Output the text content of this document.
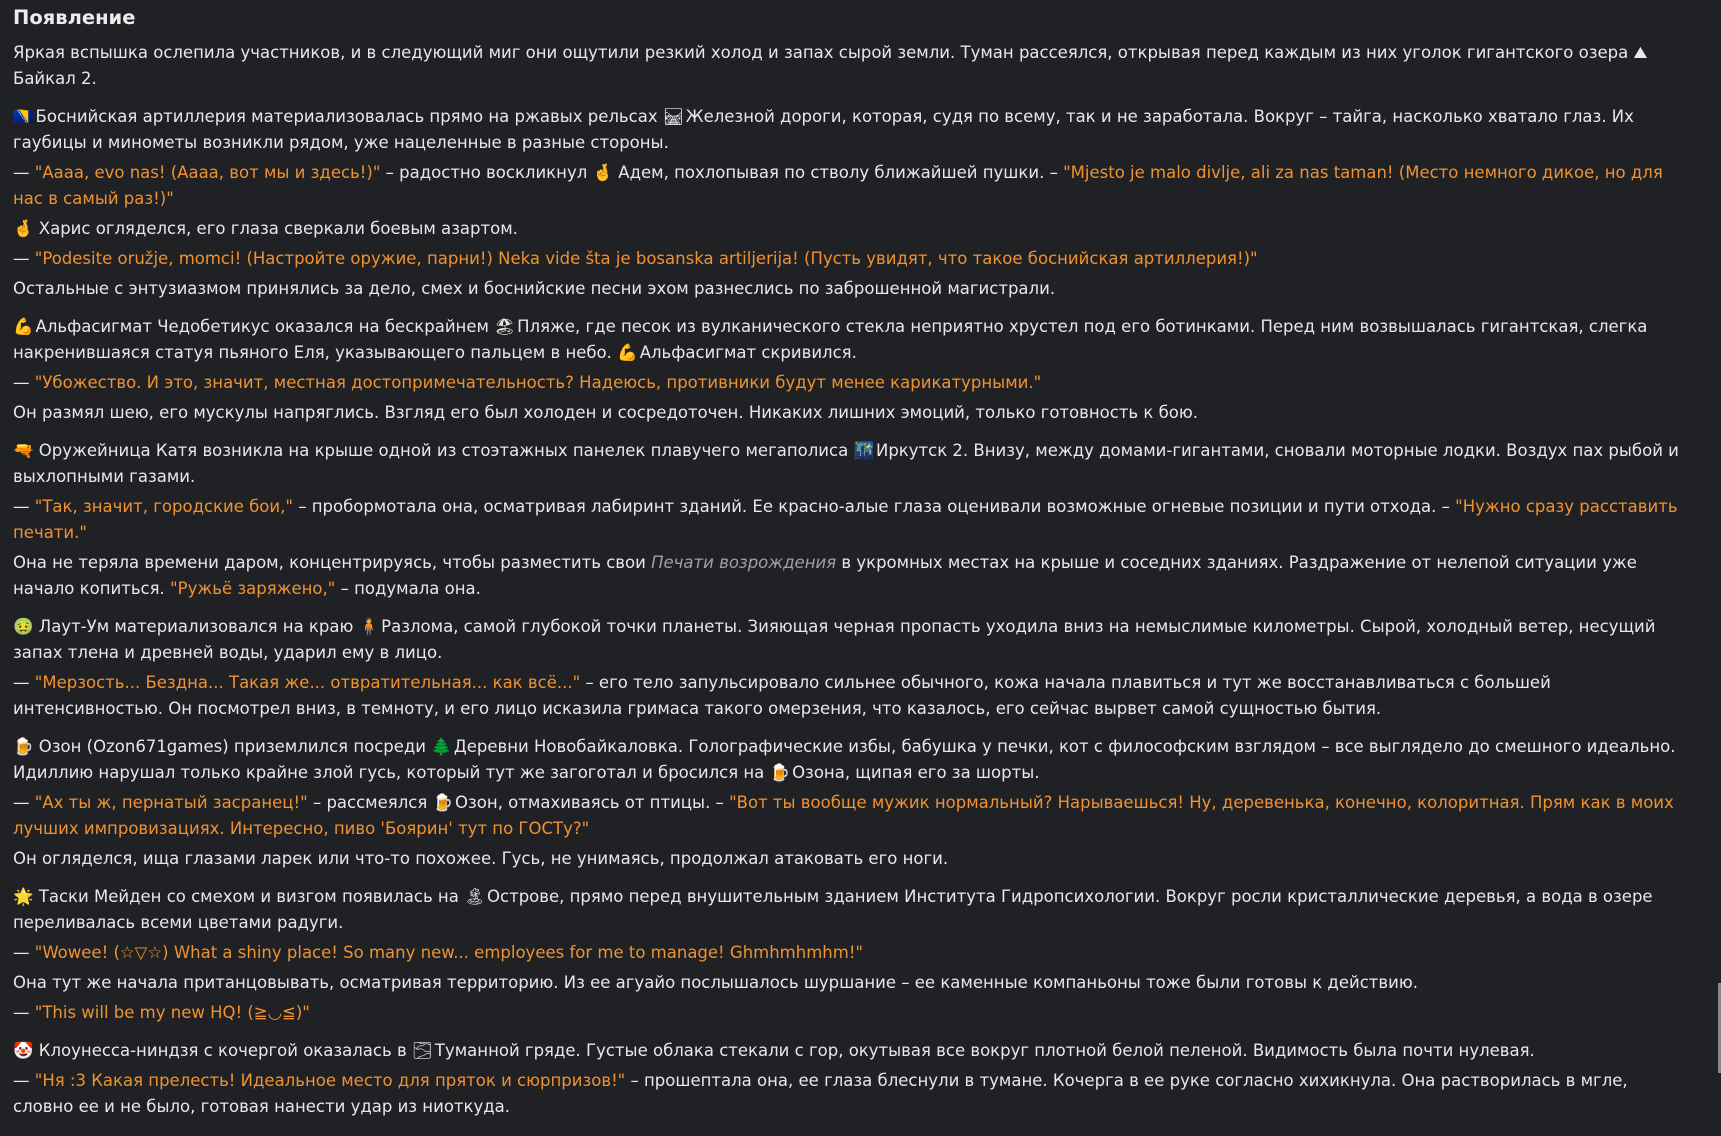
Появление

Яркая вспышка ослепила участников, и в следующий миг они ощутили резкий холод и запах сырой земли. Туман рассеялся, открывая перед каждым из них уголок гигантского озера ⛰Байкал 2.

🇧🇦 Боснийская артиллерия материализовалась прямо на ржавых рельсах 🛤 Железной дороги, которая, судя по всему, так и не заработала. Вокруг – тайга, насколько хватало глаз. Их гаубицы и минометы возникли рядом, уже нацеленные в разные стороны.

— "Aaaa, evo nas! (Аааа, вот мы и здесь!)" – радостно воскликнул 🤞 Адем, похлопывая по стволу ближайшей пушки. – "Mjesto je malo divlje, ali za nas taman! (Место немного дикое, но для нас в самый раз!)"

🤞 Харис огляделся, его глаза сверкали боевым азартом.

— "Podesite oružje, momci! (Настройте оружие, парни!) Neka vide šta je bosanska artiljerija! (Пусть увидят, что такое боснийская артиллерия!)"

Остальные с энтузиазмом принялись за дело, смех и боснийские песни эхом разнеслись по заброшенной магистрали.

💪 Альфасигмат Чедобетикус оказался на бескрайнем 🏖 Пляже, где песок из вулканического стекла неприятно хрустел под его ботинками. Перед ним возвышалась гигантская, слегка накренившаяся статуя пьяного Еля, указывающего пальцем в небо. 💪 Альфасигмат скривился.

— "Убожество. И это, значит, местная достопримечательность? Надеюсь, противники будут менее карикатурными."

Он размял шею, его мускулы напряглись. Взгляд его был холоден и сосредоточен. Никаких лишних эмоций, только готовность к бою.

🔫 Оружейница Катя возникла на крыше одной из стоэтажных панелек плавучего мегаполиса 🌃 Иркутск 2. Внизу, между домами-гигантами, сновали моторные лодки. Воздух пах рыбой и выхлопными газами.

— "Так, значит, городские бои," – пробормотала она, осматривая лабиринт зданий. Ее красно-алые глаза оценивали возможные огневые позиции и пути отхода. – "Нужно сразу расставить печати."

Она не теряла времени даром, концентрируясь, чтобы разместить свои Печати возрождения в укромных местах на крыше и соседних зданиях. Раздражение от нелепой ситуации уже начало копиться. "Ружьё заряжено," – подумала она.

🤢 Лаут-Ум материализовался на краю 🧍 Разлома, самой глубокой точки планеты. Зияющая черная пропасть уходила вниз на немыслимые километры. Сырой, холодный ветер, несущий запах тлена и древней воды, ударил ему в лицо.

— "Мерзость... Бездна... Такая же... отвратительная... как всё..." – его тело запульсировало сильнее обычного, кожа начала плавиться и тут же восстанавливаться с большей интенсивностью. Он посмотрел вниз, в темноту, и его лицо исказила гримаса такого омерзения, что казалось, его сейчас вырвет самой сущностью бытия.

🍺 Озон (Ozon671games) приземлился посреди 🌲 Деревни Новобайкаловка. Голографические избы, бабушка у печки, кот с философским взглядом – все выглядело до смешного идеально. Идиллию нарушал только крайне злой гусь, который тут же загоготал и бросился на 🍺 Озона, щипая его за шорты.

— "Ах ты ж, пернатый засранец!" – рассмеялся 🍺 Озон, отмахиваясь от птицы. – "Вот ты вообще мужик нормальный? Нарываешься! Ну, деревенька, конечно, колоритная. Прям как в моих лучших импровизациях. Интересно, пиво 'Боярин' тут по ГОСТу?"

Он огляделся, ища глазами ларек или что-то похожее. Гусь, не унимаясь, продолжал атаковать его ноги.

🌟 Таски Мейден со смехом и визгом появилась на 🏝 Острове, прямо перед внушительным зданием Института Гидропсихологии. Вокруг росли кристаллические деревья, а вода в озере переливалась всеми цветами радуги.

— "Wowee! (☆▽☆) What a shiny place! So many new... employees for me to manage! Ghmhmhmhm!"

Она тут же начала пританцовывать, осматривая территорию. Из ее агуайо послышалось шуршание – ее каменные компаньоны тоже были готовы к действию.

— "This will be my new HQ! (≧◡≦)"

🤡 Клоунесса-ниндзя с кочергой оказалась в 🌫 Туманной гряде. Густые облака стекали с гор, окутывая все вокруг плотной белой пеленой. Видимость была почти нулевая.

— "Ня :3 Какая прелесть! Идеальное место для пряток и сюрпризов!" – прошептала она, ее глаза блеснули в тумане. Кочерга в ее руке согласно хихикнула. Она растворилась в мгле, словно ее и не было, готовая нанести удар из ниоткуда.
